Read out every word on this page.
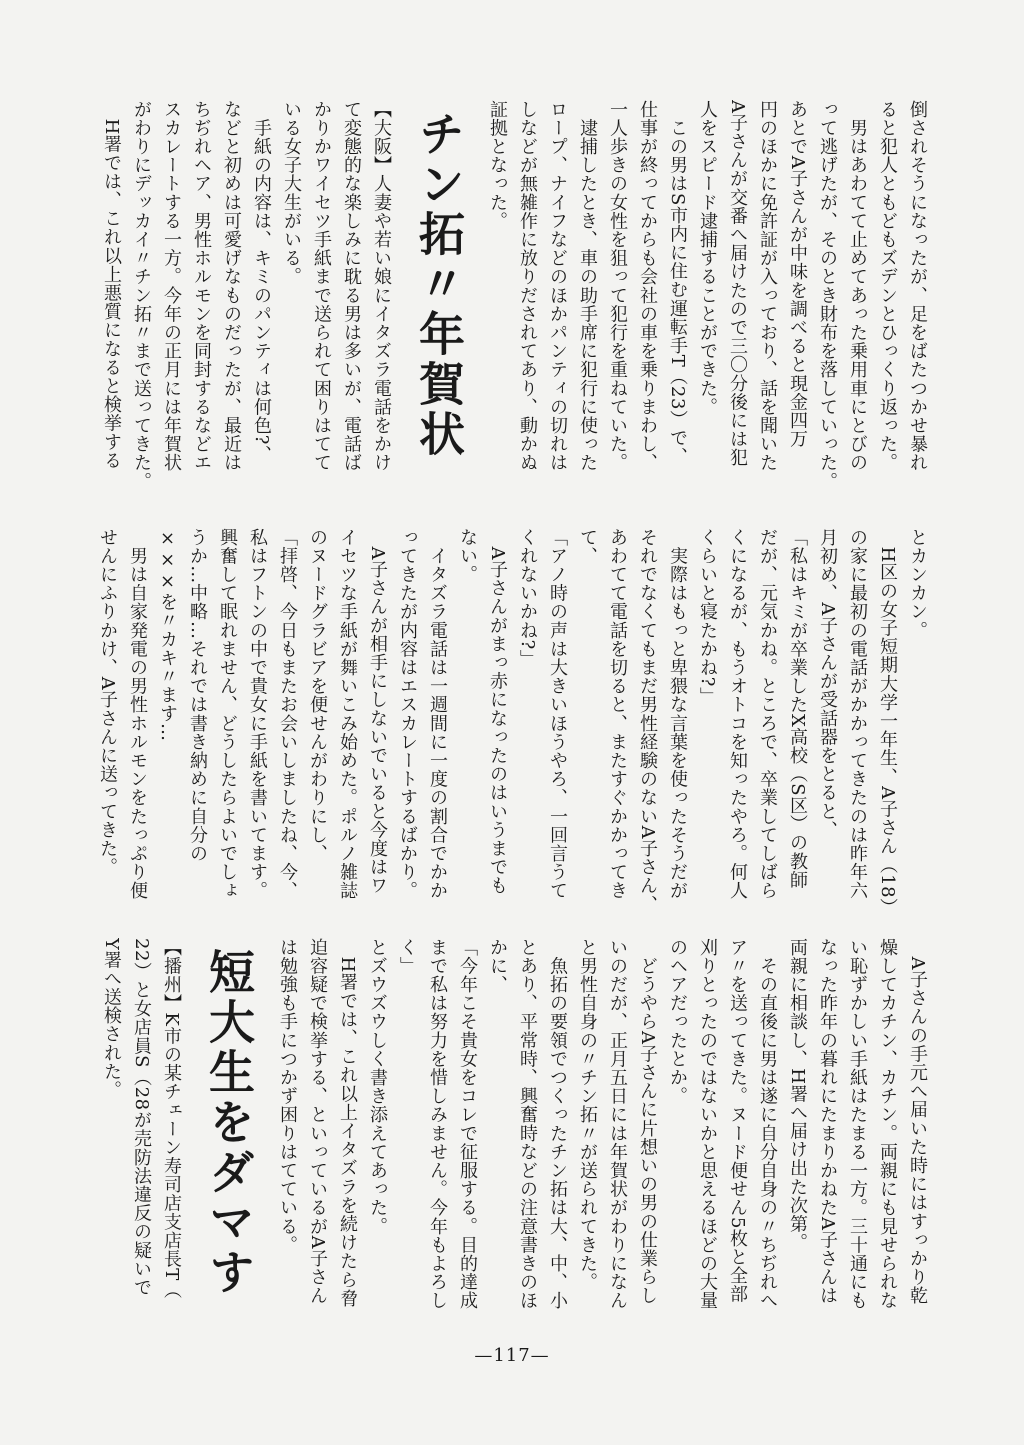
倒されそうになったが、足をばたつかせ暴れ
ると犯人ともどもズデンとひっくり返った。
　男はあわてて止めてあった乗用車にとびの
って逃げたが、そのとき財布を落していった。
あとでA子さんが中味を調べると現金四万
円のほかに免許証が入っており、話を聞いた
A子さんが交番へ届けたので三〇分後には犯
人をスピード逮捕することができた。
　この男はS市内に住む運転手T（23）で、
仕事が終ってからも会社の車を乗りまわし、
一人歩きの女性を狙って犯行を重ねていた。
　逮捕したとき、車の助手席に犯行に使った
ロープ、ナイフなどのほかパンティの切れは
しなどが無雑作に放りだされてあり、動かぬ
証拠となった。
チン拓〃年賀状
【大阪】人妻や若い娘にイタズラ電話をかけ
て変態的な楽しみに耽る男は多いが、電話ば
かりかワイセツ手紙まで送られて困りはてて
いる女子大生がいる。
　手紙の内容は、キミのパンティは何色?、
などと初めは可愛げなものだったが、最近は
ちぢれヘア、男性ホルモンを同封するなどエ
スカレートする一方。今年の正月には年賀状
がわりにデッカイ〃チン拓〃まで送ってきた。
　H署では、これ以上悪質になると検挙する
とカンカン。
　H区の女子短期大学一年生、A子さん（18）
の家に最初の電話がかかってきたのは昨年六
月初め、A子さんが受話器をとると、
「私はキミが卒業したX高校（S区）の教師
だが、元気かね。ところで、卒業してしばら
くになるが、もうオトコを知ったやろ。何人
くらいと寝たかね?」
　実際はもっと卑猥な言葉を使ったそうだが
それでなくてもまだ男性経験のないA子さん、
あわてて電話を切ると、またすぐかかってき
て、
「アノ時の声は大きいほうやろ、一回言うて
くれないかね?」
　A子さんがまっ赤になったのはいうまでも
ない。
　イタズラ電話は一週間に一度の割合でかか
ってきたが内容はエスカレートするばかり。
　A子さんが相手にしないでいると今度はワ
イセツな手紙が舞いこみ始めた。ポルノ雑誌
のヌードグラビアを便せんがわりにし、
「拝啓、今日もまたお会いしましたね、今、
私はフトンの中で貴女に手紙を書いてます。
興奮して眠れません、どうしたらよいでしょ
うか…中略…それでは書き納めに自分の
×××を〃カキ〃ます…
　男は自家発電の男性ホルモンをたっぷり便
せんにふりかけ、A子さんに送ってきた。
　A子さんの手元へ届いた時にはすっかり乾
燥してカチン、カチン。両親にも見せられな
い恥ずかしい手紙はたまる一方。三十通にも
なった昨年の暮れにたまりかねたA子さんは
両親に相談し、H署へ届け出た次第。
　その直後に男は遂に自分自身の〃ちぢれへ
ア〃を送ってきた。ヌード便せん5枚と全部
刈りとったのではないかと思えるほどの大量
のヘアだったとか。
　どうやらA子さんに片想いの男の仕業らし
いのだが、正月五日には年賀状がわりになん
と男性自身の〃チン拓〃が送られてきた。
　魚拓の要領でつくったチン拓は大、中、小
とあり、平常時、興奮時などの注意書きのほ
かに、
「今年こそ貴女をコレで征服する。目的達成
まで私は努力を惜しみません。今年もよろし
く」
とズウズウしく書き添えてあった。
　H署では、これ以上イタズラを続けたら脅
迫容疑で検挙する、といっているがA子さん
は勉強も手につかず困りはてている。
短大生をダマす
【播州】K市の某チェーン寿司店支店長T（
22）と女店員S（28が売防法違反の疑いで
Y署へ送検された。
—117—
